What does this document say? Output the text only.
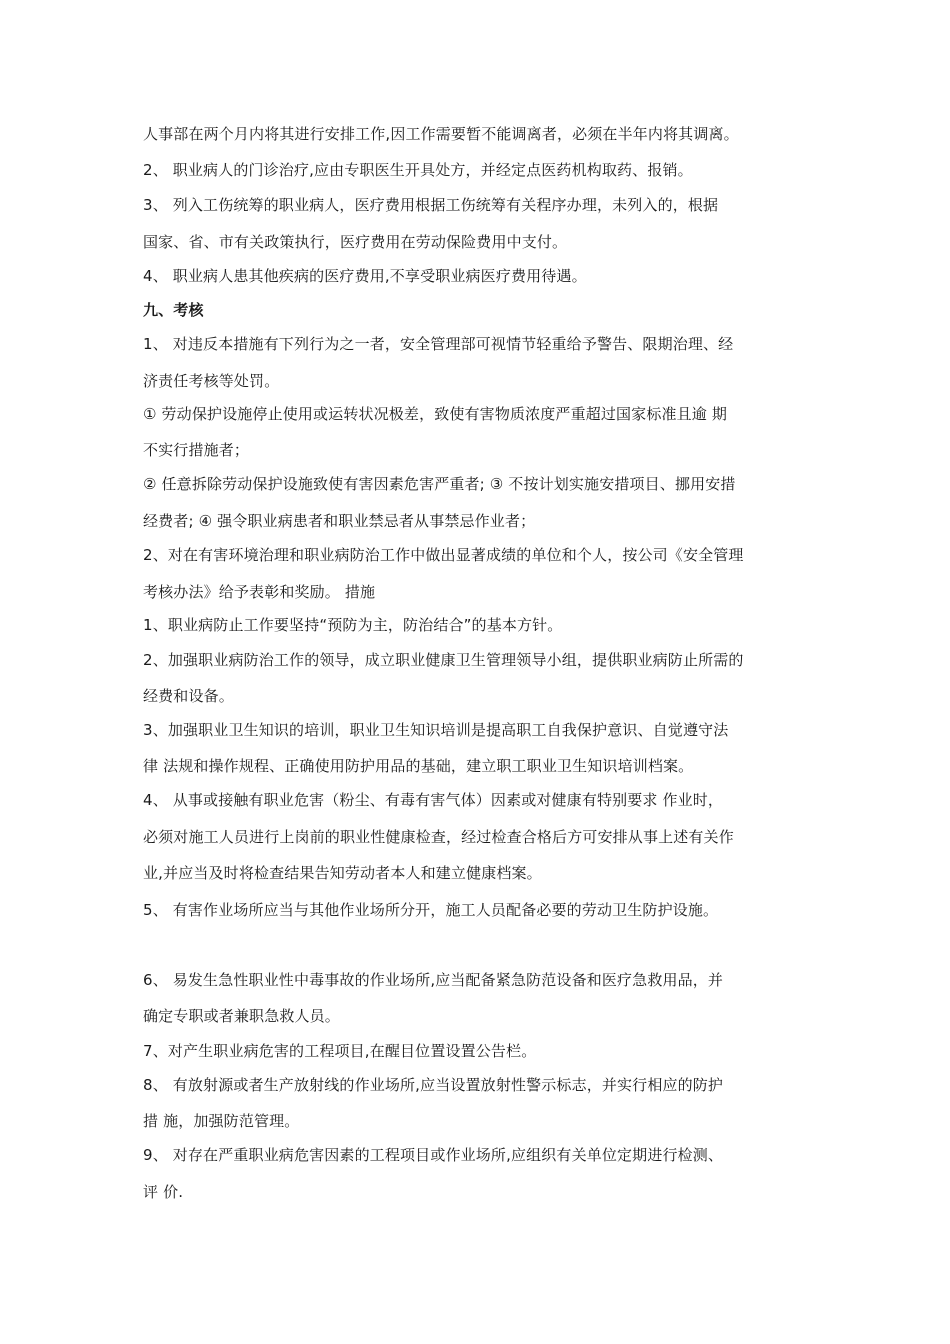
人事部在两个月内将其进行安排工作,因工作需要暂不能调离者，必须在半年内将其调离。
2、 职业病人的门诊治疗,应由专职医生开具处方，并经定点医药机构取药、报销。
3、 列入工伤统筹的职业病人，医疗费用根据工伤统筹有关程序办理，未列入的，根据
国家、省、市有关政策执行，医疗费用在劳动保险费用中支付。
4、 职业病人患其他疾病的医疗费用,不享受职业病医疗费用待遇。
九、考核
1、 对违反本措施有下列行为之一者，安全管理部可视情节轻重给予警告、限期治理、经
济责任考核等处罚。
① 劳动保护设施停止使用或运转状况极差，致使有害物质浓度严重超过国家标准且逾 期
不实行措施者；
② 任意拆除劳动保护设施致使有害因素危害严重者; ③ 不按计划实施安措项目、挪用安措
经费者; ④ 强令职业病患者和职业禁忌者从事禁忌作业者；
2、对在有害环境治理和职业病防治工作中做出显著成绩的单位和个人，按公司《安全管理
考核办法》给予表彰和奖励。 措施
1、职业病防止工作要坚持“预防为主，防治结合”的基本方针。
2、加强职业病防治工作的领导，成立职业健康卫生管理领导小组，提供职业病防止所需的
经费和设备。
3、加强职业卫生知识的培训，职业卫生知识培训是提高职工自我保护意识、自觉遵守法
律 法规和操作规程、正确使用防护用品的基础，建立职工职业卫生知识培训档案。
4、 从事或接触有职业危害（粉尘、有毒有害气体）因素或对健康有特别要求 作业时，
必须对施工人员进行上岗前的职业性健康检查，经过检查合格后方可安排从事上述有关作
业,并应当及时将检查结果告知劳动者本人和建立健康档案。
5、 有害作业场所应当与其他作业场所分开，施工人员配备必要的劳动卫生防护设施。
6、 易发生急性职业性中毒事故的作业场所,应当配备紧急防范设备和医疗急救用品，并
确定专职或者兼职急救人员。
7、对产生职业病危害的工程项目,在醒目位置设置公告栏。
8、 有放射源或者生产放射线的作业场所,应当设置放射性警示标志，并实行相应的防护
措 施，加强防范管理。
9、 对存在严重职业病危害因素的工程项目或作业场所,应组织有关单位定期进行检测、
评 价.
